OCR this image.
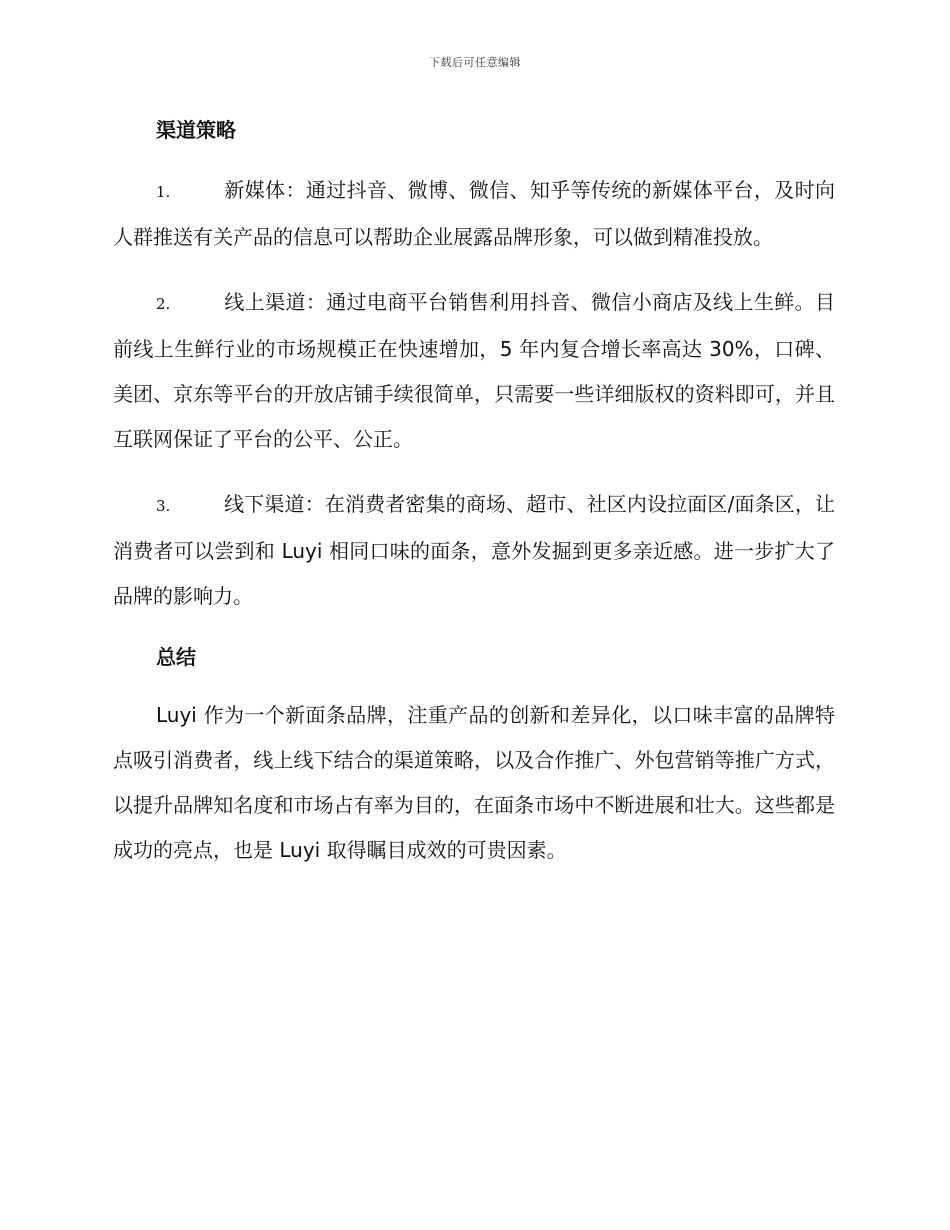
下载后可任意编辑
渠道策略

1.	新媒体：通过抖音、微博、微信、知乎等传统的新媒体平台，及时向人群推送有关产品的信息可以帮助企业展露品牌形象，可以做到精准投放。

2.	线上渠道：通过电商平台销售利用抖音、微信小商店及线上生鲜。目前线上生鲜行业的市场规模正在快速增加，5 年内复合增长率高达 30%，口碑、美团、京东等平台的开放店铺手续很简单，只需要一些详细版权的资料即可，并且互联网保证了平台的公平、公正。

3.	线下渠道：在消费者密集的商场、超市、社区内设拉面区/面条区，让消费者可以尝到和 Luyi 相同口味的面条，意外发掘到更多亲近感。进一步扩大了品牌的影响力。

总结

Luyi 作为一个新面条品牌，注重产品的创新和差异化，以口味丰富的品牌特点吸引消费者，线上线下结合的渠道策略，以及合作推广、外包营销等推广方式，以提升品牌知名度和市场占有率为目的，在面条市场中不断进展和壮大。这些都是成功的亮点，也是 Luyi 取得瞩目成效的可贵因素。
